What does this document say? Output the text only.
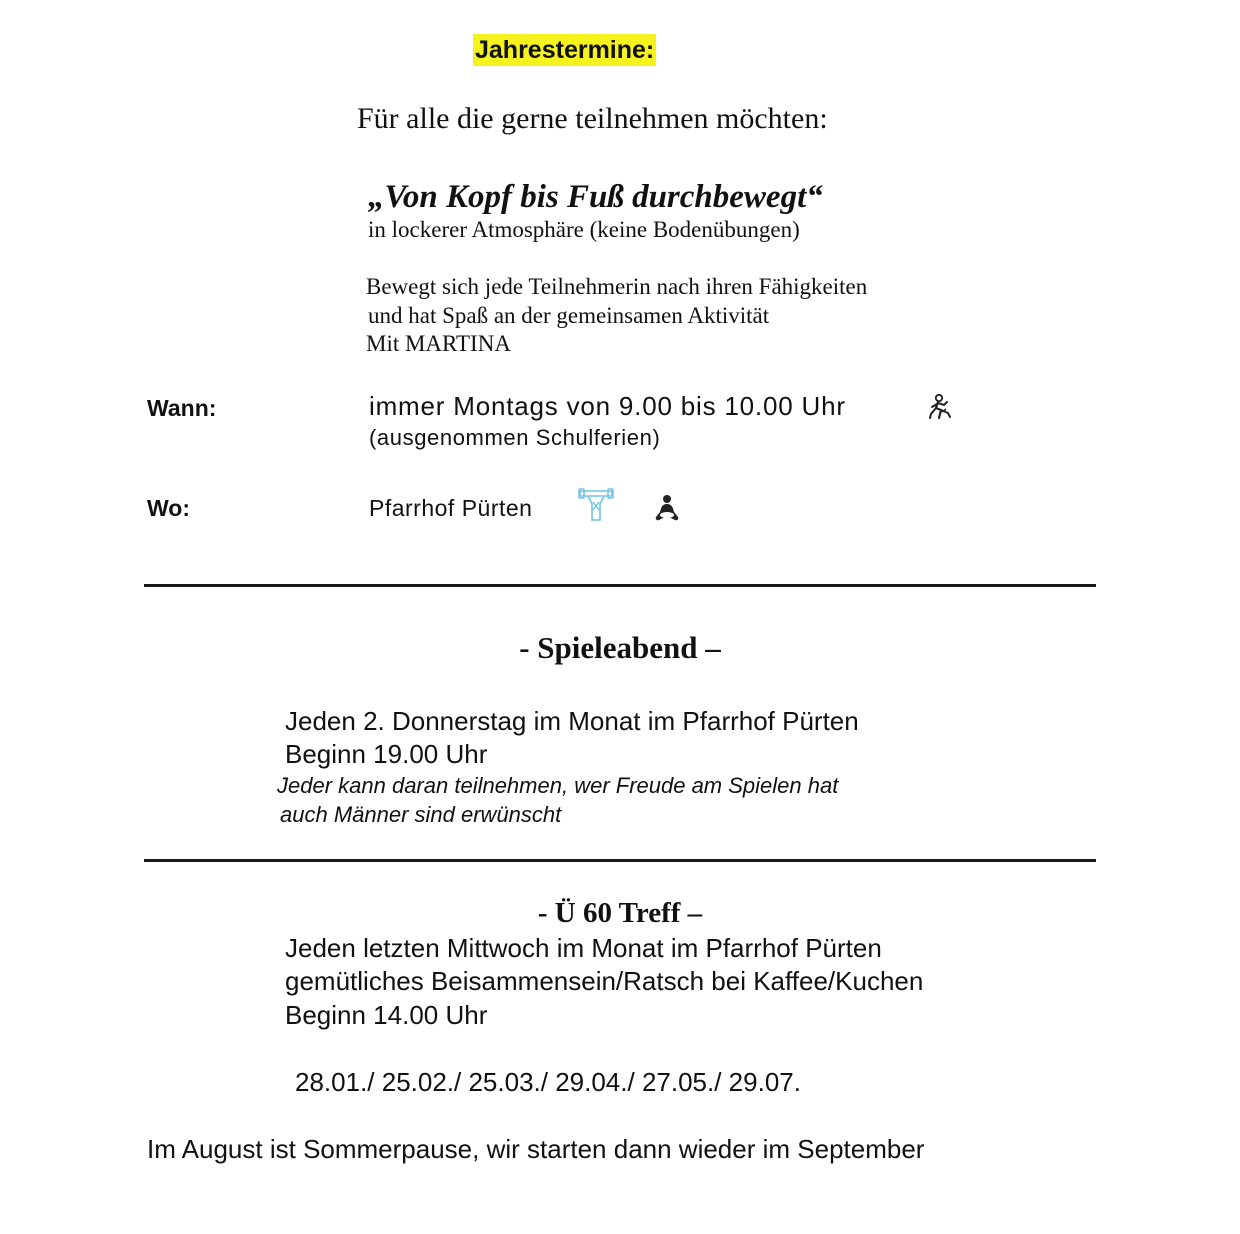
Jahrestermine:
Für alle die gerne teilnehmen möchten:
„Von Kopf bis Fuß durchbewegt“
in lockerer Atmosphäre (keine Bodenübungen)
Bewegt sich jede Teilnehmerin nach ihren Fähigkeiten
und hat Spaß an der gemeinsamen Aktivität
Mit MARTINA
Wann:	immer Montags von 9.00 bis 10.00 Uhr
(ausgenommen Schulferien)
Wo:	Pfarrhof Pürten
- Spieleabend –
Jeden 2. Donnerstag im Monat im Pfarrhof Pürten
Beginn 19.00 Uhr
Jeder kann daran teilnehmen, wer Freude am Spielen hat
auch Männer sind erwünscht
- Ü 60 Treff –
Jeden letzten Mittwoch im Monat im Pfarrhof Pürten
gemütliches Beisammensein/Ratsch bei Kaffee/Kuchen
Beginn 14.00 Uhr
28.01./ 25.02./ 25.03./ 29.04./ 27.05./ 29.07.
Im August ist Sommerpause, wir starten dann wieder im September
